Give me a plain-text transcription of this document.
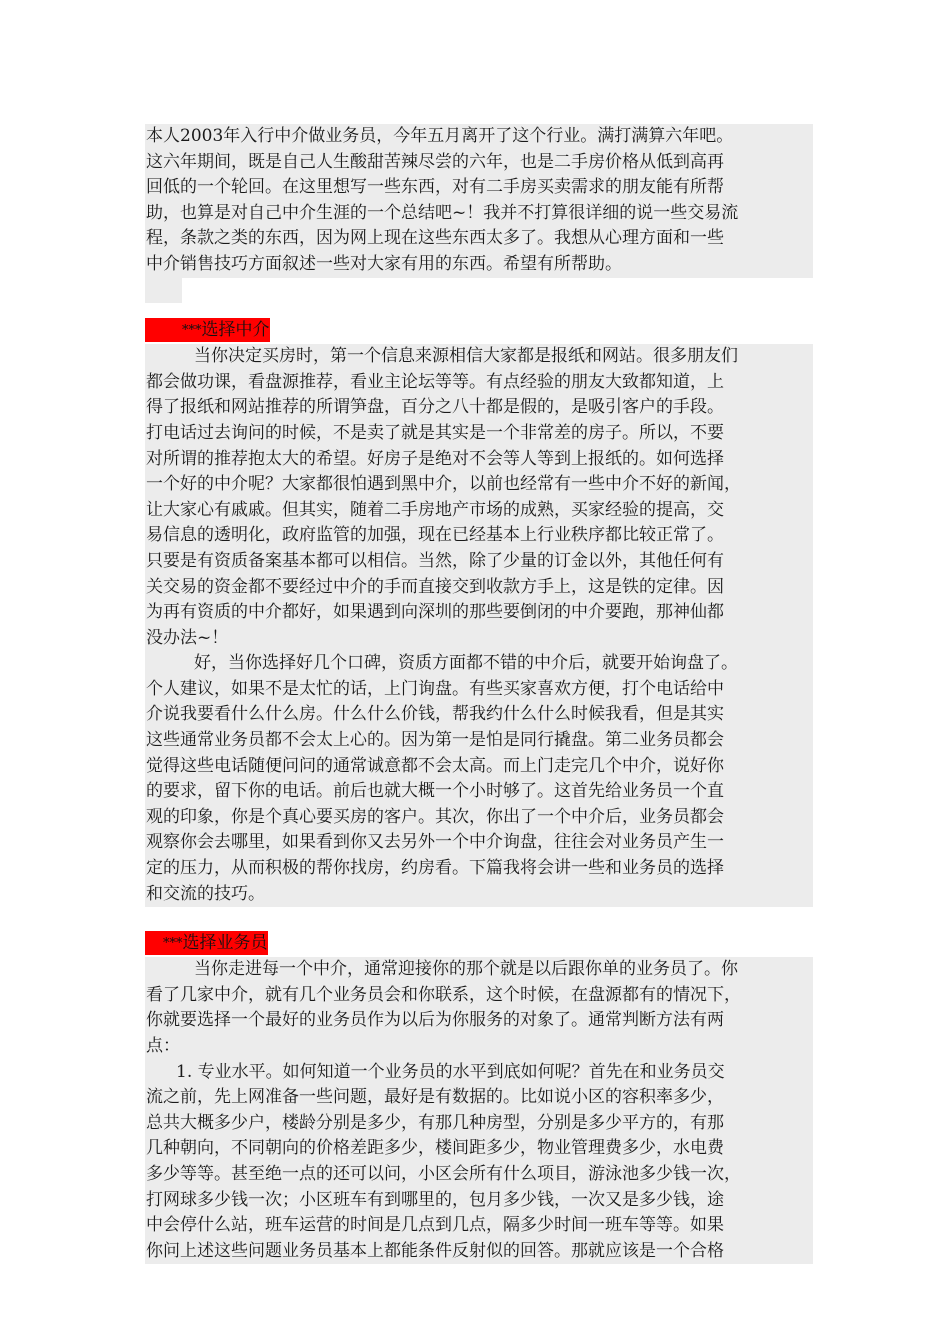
本人2003年入行中介做业务员，今年五月离开了这个行业。满打满算六年吧。
这六年期间，既是自己人生酸甜苦辣尽尝的六年，也是二手房价格从低到高再
回低的一个轮回。在这里想写一些东西，对有二手房买卖需求的朋友能有所帮
助，也算是对自己中介生涯的一个总结吧~！我并不打算很详细的说一些交易流
程，条款之类的东西，因为网上现在这些东西太多了。我想从心理方面和一些
中介销售技巧方面叙述一些对大家有用的东西。希望有所帮助。
***选择中介
当你决定买房时，第一个信息来源相信大家都是报纸和网站。很多朋友们
都会做功课，看盘源推荐，看业主论坛等等。有点经验的朋友大致都知道，上
得了报纸和网站推荐的所谓笋盘，百分之八十都是假的，是吸引客户的手段。
打电话过去询问的时候，不是卖了就是其实是一个非常差的房子。所以，不要
对所谓的推荐抱太大的希望。好房子是绝对不会等人等到上报纸的。如何选择
一个好的中介呢？大家都很怕遇到黑中介，以前也经常有一些中介不好的新闻，
让大家心有戚戚。但其实，随着二手房地产市场的成熟，买家经验的提高，交
易信息的透明化，政府监管的加强，现在已经基本上行业秩序都比较正常了。
只要是有资质备案基本都可以相信。当然，除了少量的订金以外，其他任何有
关交易的资金都不要经过中介的手而直接交到收款方手上，这是铁的定律。因
为再有资质的中介都好，如果遇到向深圳的那些要倒闭的中介要跑，那神仙都
没办法~！
好，当你选择好几个口碑，资质方面都不错的中介后，就要开始询盘了。
个人建议，如果不是太忙的话，上门询盘。有些买家喜欢方便，打个电话给中
介说我要看什么什么房。什么什么价钱，帮我约什么什么时候我看，但是其实
这些通常业务员都不会太上心的。因为第一是怕是同行撬盘。第二业务员都会
觉得这些电话随便问问的通常诚意都不会太高。而上门走完几个中介，说好你
的要求，留下你的电话。前后也就大概一个小时够了。这首先给业务员一个直
观的印象，你是个真心要买房的客户。其次，你出了一个中介后，业务员都会
观察你会去哪里，如果看到你又去另外一个中介询盘，往往会对业务员产生一
定的压力，从而积极的帮你找房，约房看。下篇我将会讲一些和业务员的选择
和交流的技巧。
***选择业务员
当你走进每一个中介，通常迎接你的那个就是以后跟你单的业务员了。你
看了几家中介，就有几个业务员会和你联系，这个时候，在盘源都有的情况下，
你就要选择一个最好的业务员作为以后为你服务的对象了。通常判断方法有两
点：
1. 专业水平。如何知道一个业务员的水平到底如何呢？首先在和业务员交
流之前，先上网准备一些问题，最好是有数据的。比如说小区的容积率多少，
总共大概多少户，楼龄分别是多少，有那几种房型，分别是多少平方的，有那
几种朝向，不同朝向的价格差距多少，楼间距多少，物业管理费多少，水电费
多少等等。甚至绝一点的还可以问，小区会所有什么项目，游泳池多少钱一次，
打网球多少钱一次；小区班车有到哪里的，包月多少钱，一次又是多少钱，途
中会停什么站，班车运营的时间是几点到几点，隔多少时间一班车等等。如果
你问上述这些问题业务员基本上都能条件反射似的回答。那就应该是一个合格
